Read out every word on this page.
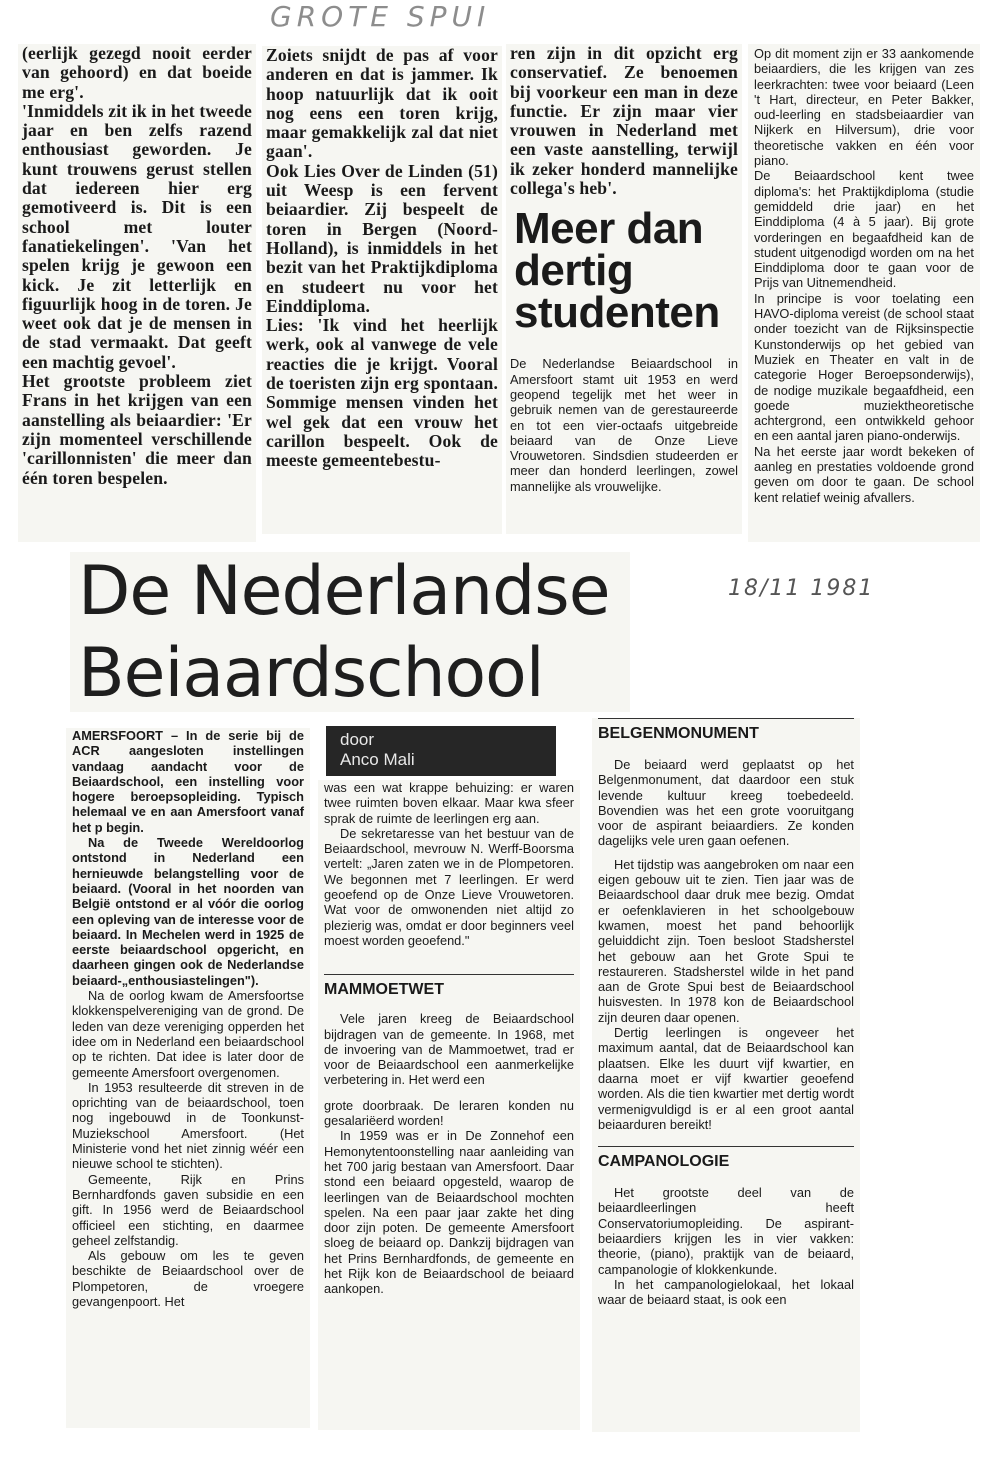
GROTE SPUI

(eerlijk gezegd nooit eerder van gehoord) en dat boeide me erg'.

'Inmiddels zit ik in het tweede jaar en ben zelfs razend enthousiast geworden. Je kunt trouwens gerust stellen dat iedereen hier erg gemotiveerd is. Dit is een school met louter fanatiekelingen'. 'Van het spelen krijg je gewoon een kick. Je zit letterlijk en figuurlijk hoog in de toren. Je weet ook dat je de mensen in de stad vermaakt. Dat geeft een machtig gevoel'.

Het grootste probleem ziet Frans in het krijgen van een aanstelling als beiaardier: 'Er zijn momenteel verschillende 'carillonnisten' die meer dan één toren bespelen.

Zoiets snijdt de pas af voor anderen en dat is jammer. Ik hoop natuurlijk dat ik ooit nog eens een toren krijg, maar gemakkelijk zal dat niet gaan'.

Ook Lies Over de Linden (51) uit Weesp is een fervent beiaardier. Zij bespeelt de toren in Bergen (Noord-Holland), is inmiddels in het bezit van het Praktijkdiploma en studeert nu voor het Einddiploma.

Lies: 'Ik vind het heerlijk werk, ook al vanwege de vele reacties die je krijgt. Vooral de toeristen zijn erg spontaan. Sommige mensen vinden het wel gek dat een vrouw het carillon bespeelt. Ook de meeste gemeentebestu-

ren zijn in dit opzicht erg conservatief. Ze benoemen bij voorkeur een man in deze functie. Er zijn maar vier vrouwen in Nederland met een vaste aanstelling, terwijl ik zeker honderd mannelijke collega's heb'.

Meer dan
dertig
studenten

De Nederlandse Beiaardschool in Amersfoort stamt uit 1953 en werd geopend tegelijk met het weer in gebruik nemen van de gerestaureerde en tot een vier-octaafs uitgebreide beiaard van de Onze Lieve Vrouwetoren. Sindsdien studeerden er meer dan honderd leerlingen, zowel mannelijke als vrouwelijke.

Op dit moment zijn er 33 aankomende beiaardiers, die les krijgen van zes leerkrachten: twee voor beiaard (Leen 't Hart, directeur, en Peter Bakker, oud-leerling en stadsbeiaardier van Nijkerk en Hilversum), drie voor theoretische vakken en één voor piano.

De Beiaardschool kent twee diploma's: het Praktijkdiploma (studie gemiddeld drie jaar) en het Einddiploma (4 à 5 jaar). Bij grote vorderingen en begaafdheid kan de student uitgenodigd worden om na het Einddiploma door te gaan voor de Prijs van Uitnemendheid.

In principe is voor toelating een HAVO-diploma vereist (de school staat onder toezicht van de Rijksinspectie Kunstonderwijs op het gebied van Muziek en Theater en valt in de categorie Hoger Beroepsonderwijs), de nodige muzikale begaafdheid, een goede muziektheoretische achtergrond, een ontwikkeld gehoor en een aantal jaren piano-onderwijs.

Na het eerste jaar wordt bekeken of aanleg en prestaties voldoende grond geven om door te gaan. De school kent relatief weinig afvallers.

De Nederlandse
Beiaardschool
18/11 1981

AMERSFOORT – In de serie bij de ACR aangesloten instellingen vandaag aandacht voor de Beiaardschool, een instelling voor hogere beroepsopleiding. Typisch helemaal ve en aan Amersfoort vanaf het p begin.

Na de Tweede Wereldoorlog ontstond in Nederland een hernieuwde belangstelling voor de beiaard. (Vooral in het noorden van België ontstond er al vóór die oorlog een opleving van de interesse voor de beiaard. In Mechelen werd in 1925 de eerste beiaardschool opgericht, en daarheen gingen ook de Nederlandse beiaard-„enthousiastelingen").

Na de oorlog kwam de Amersfoortse klokkenspelvereniging van de grond. De leden van deze vereniging opperden het idee om in Nederland een beiaardschool op te richten. Dat idee is later door de gemeente Amersfoort overgenomen.

In 1953 resulteerde dit streven in de oprichting van de beiaardschool, toen nog ingebouwd in de Toonkunst-Muziekschool Amersfoort. (Het Ministerie vond het niet zinnig wéér een nieuwe school te stichten).

Gemeente, Rijk en Prins Bernhardfonds gaven subsidie en een gift. In 1956 werd de Beiaardschool officieel een stichting, en daarmee geheel zelfstandig.

Als gebouw om les te geven beschikte de Beiaardschool over de Plompetoren, de vroegere gevangenpoort. Het

door
Anco Mali

was een wat krappe behuizing: er waren twee ruimten boven elkaar. Maar kwa sfeer sprak de ruimte de leerlingen erg aan.

De sekretaresse van het bestuur van de Beiaardschool, mevrouw N. Werff-Boorsma vertelt: „Jaren zaten we in de Plompetoren. We begonnen met 7 leerlingen. Er werd geoefend op de Onze Lieve Vrouwetoren. Wat voor de omwonenden niet altijd zo plezierig was, omdat er door beginners veel moest worden geoefend."

MAMMOETWET

Vele jaren kreeg de Beiaardschool bijdragen van de gemeente. In 1968, met de invoering van de Mammoetwet, trad er voor de Beiaardschool een aanmerkelijke verbetering in. Het werd een

grote doorbraak. De leraren konden nu gesalariëerd worden!

In 1959 was er in De Zonnehof een Hemonytentoonstelling naar aanleiding van het 700 jarig bestaan van Amersfoort. Daar stond een beiaard opgesteld, waarop de leerlingen van de Beiaardschool mochten spelen. Na een paar jaar zakte het ding door zijn poten. De gemeente Amersfoort sloeg de beiaard op. Dankzij bijdragen van het Prins Bernhardfonds, de gemeente en het Rijk kon de Beiaardschool de beiaard aankopen.

BELGENMONUMENT

De beiaard werd geplaatst op het Belgenmonument, dat daardoor een stuk levende kultuur kreeg toebedeeld. Bovendien was het een grote vooruitgang voor de aspirant beiaardiers. Ze konden dagelijks vele uren gaan oefenen.

Het tijdstip was aangebroken om naar een eigen gebouw uit te zien. Tien jaar was de Beiaardschool daar druk mee bezig. Omdat er oefenklavieren in het schoolgebouw kwamen, moest het pand behoorlijk geluiddicht zijn. Toen besloot Stadsherstel het gebouw aan het Grote Spui te restaureren. Stadsherstel wilde in het pand aan de Grote Spui best de Beiaardschool huisvesten. In 1978 kon de Beiaardschool zijn deuren daar openen.

Dertig leerlingen is ongeveer het maximum aantal, dat de Beiaardschool kan plaatsen. Elke les duurt vijf kwartier, en daarna moet er vijf kwartier geoefend worden. Als die tien kwartier met dertig wordt vermenigvuldigd is er al een groot aantal beiaarduren bereikt!

CAMPANOLOGIE

Het grootste deel van de beiaardleerlingen heeft Conservatoriumopleiding. De aspirant-beiaardiers krijgen les in vier vakken: theorie, (piano), praktijk van de beiaard, campanologie of klokkenkunde.

In het campanologielokaal, het lokaal waar de beiaard staat, is ook een
